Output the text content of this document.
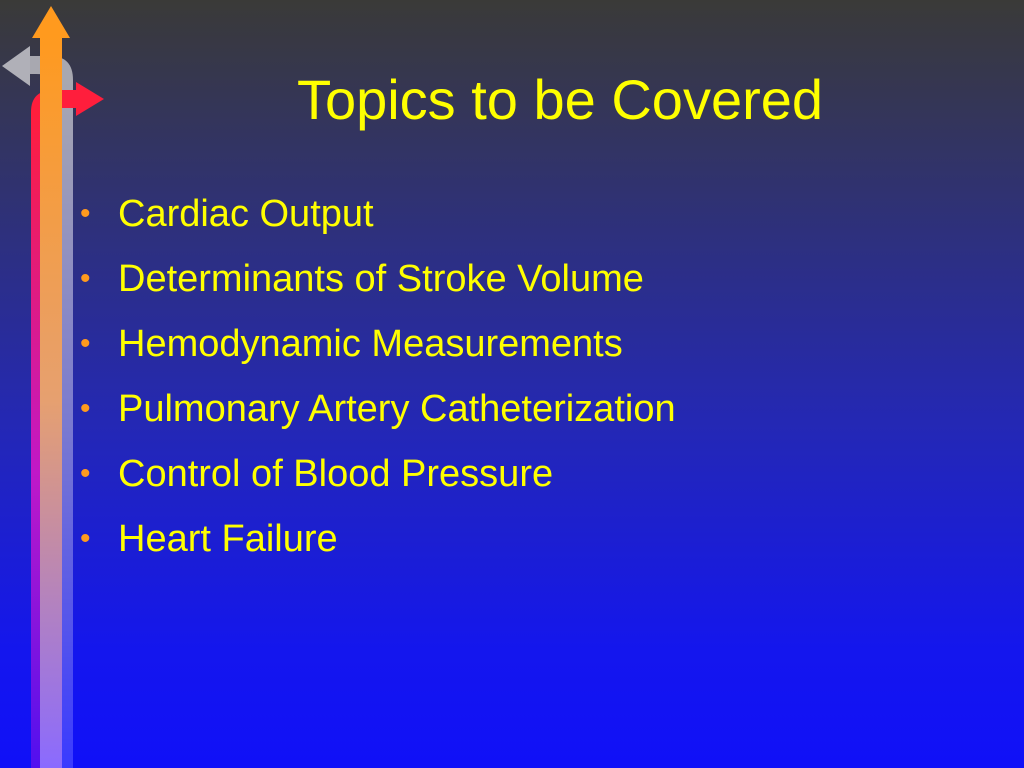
Topics to be Covered
• Cardiac Output
• Determinants of Stroke Volume
• Hemodynamic Measurements
• Pulmonary Artery Catheterization
• Control of Blood Pressure
• Heart Failure
